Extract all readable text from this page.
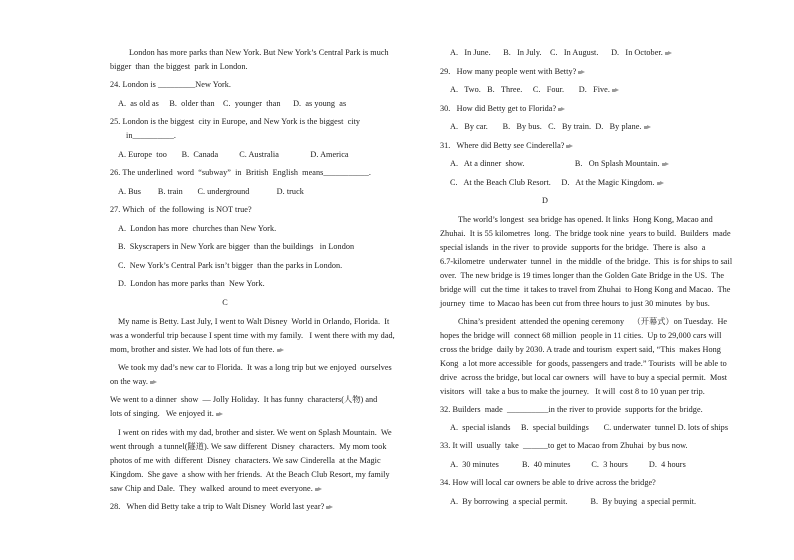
London has more parks than New York. But New York’s Central Park is much
bigger  than  the biggest  park in London.
24. London is _________New York.
A.  as old as     B.  older than    C.  younger  than      D.  as young  as
25. London is the biggest  city in Europe, and New York is the biggest  city
in__________.
A. Europe  too       B.  Canada          C. Australia               D. America
26. The underlined  word  “subway”  in  British  English  means___________.
A. Bus        B. train       C. underground             D. truck
27. Which  of  the following  is NOT true?
A.  London has more  churches than New York.
B.  Skyscrapers in New York are bigger  than the buildings   in London
C.  New York’s Central Park isn’t bigger  than the parks in London.
D.  London has more parks than  New York.
C
My name is Betty. Last July, I went to Walt Disney  World in Orlando, Florida.  It
was a wonderful trip because I spent time with my family.   I went there with my dad,
mom, brother and sister. We had lots of fun there.
We took my dad’s new car to Florida.  It was a long trip but we enjoyed  ourselves
on the way.
We went to a dinner  show  — Jolly Holiday.  It has funny  characters(人物) and
lots of singing.   We enjoyed it.
I went on rides with my dad, brother and sister. We went on Splash Mountain.  We
went through  a tunnel(隧道). We saw different  Disney  characters.  My mom took
photos of me with  different  Disney  characters. We saw Cinderella  at the Magic
Kingdom.  She gave  a show with her friends.  At the Beach Club Resort, my family
saw Chip and Dale.  They  walked  around to meet everyone.
28.   When did Betty take a trip to Walt Disney  World last year?
A.   In June.      B.   In July.    C.   In August.      D.   In October.
29.   How many people went with Betty?
A.   Two.   B.   Three.     C.   Four.       D.   Five.
30.   How did Betty get to Florida?
A.   By car.       B.   By bus.   C.   By train.  D.   By plane.
31.   Where did Betty see Cinderella?
A.   At a dinner  show.                        B.   On Splash Mountain.
C.   At the Beach Club Resort.     D.   At the Magic Kingdom.
D
The world’s longest  sea bridge has opened. It links  Hong Kong, Macao and
Zhuhai.  It is 55 kilometres  long.  The bridge took nine  years to build.  Builders  made
special islands  in the river  to provide  supports for the bridge.  There is  also  a
6.7-kilometre  underwater  tunnel  in  the middle  of the bridge.  This  is for ships to sail
over.  The new bridge is 19 times longer than the Golden Gate Bridge in the US.  The
bridge will  cut the time  it takes to travel from Zhuhai  to Hong Kong and Macao.  The
journey  time  to Macao has been cut from three hours to just 30 minutes  by bus.
China’s president  attended the opening ceremony    （开幕式）on Tuesday.  He
hopes the bridge will  connect 68 million  people in 11 cities.  Up to 29,000 cars will
cross the bridge  daily by 2030. A trade and tourism  expert said, “This  makes Hong
Kong  a lot more accessible  for goods, passengers and trade.” Tourists  will be able to
drive  across the bridge, but local car owners  will  have to buy a special permit.  Most
visitors  will  take a bus to make the journey.   It will  cost 8 to 10 yuan per trip.
32. Builders  made  __________in the river to provide  supports for the bridge.
A.  special islands     B.  special buildings       C. underwater  tunnel D. lots of ships
33. It will  usually  take  ______to get to Macao from Zhuhai  by bus now.
A.  30 minutes           B.  40 minutes          C.  3 hours          D.  4 hours
34. How will local car owners be able to drive across the bridge?
A.  By borrowing  a special permit.           B.  By buying  a special permit.
